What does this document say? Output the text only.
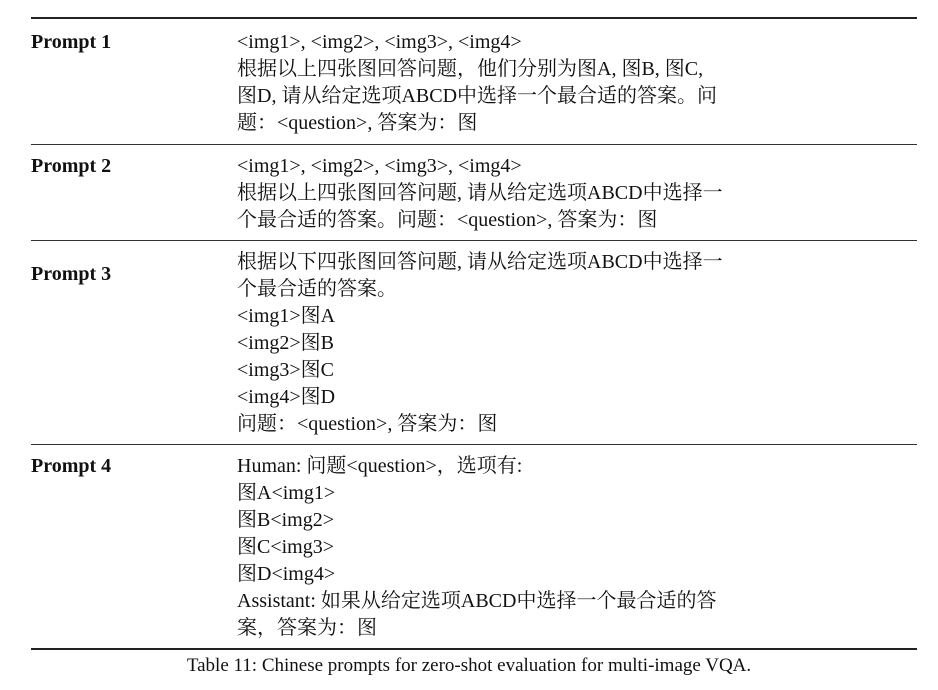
Prompt 1	<img1>, <img2>, <img3>, <img4>
根据以上四张图回答问题，他们分别为图A, 图B, 图C,
图D, 请从给定选项ABCD中选择一个最合适的答案。问
题：<question>, 答案为：图
Prompt 2	<img1>, <img2>, <img3>, <img4>
根据以上四张图回答问题, 请从给定选项ABCD中选择一
个最合适的答案。问题：<question>, 答案为：图
Prompt 3
根据以下四张图回答问题, 请从给定选项ABCD中选择一
个最合适的答案。
<img1>图A
<img2>图B
<img3>图C
<img4>图D
问题：<question>, 答案为：图
Prompt 4	Human: 问题<question>，选项有:
图A<img1>
图B<img2>
图C<img3>
图D<img4>
Assistant: 如果从给定选项ABCD中选择一个最合适的答
案，答案为：图
Table 11: Chinese prompts for zero-shot evaluation for multi-image VQA.
